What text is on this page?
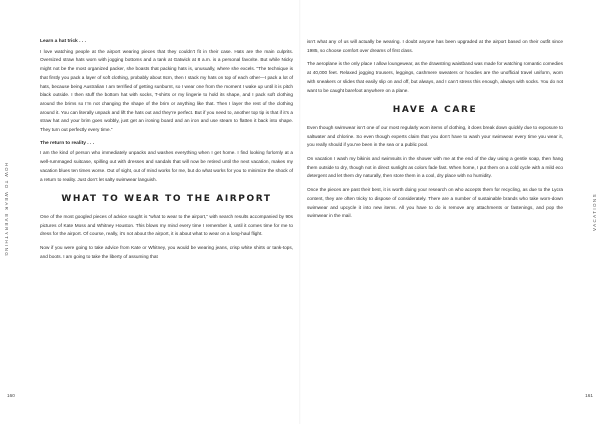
HOW TO WEAR EVERYTHING
Learn a hat trick . . .

I love watching people at the airport wearing pieces that they couldn’t fit in their case. Hats are the main culprits. Oversized straw hats worn with jogging bottoms and a tank at Gatwick at 8 a.m. is a personal favorite. But while Nicky might not be the most organized packer, she boasts that packing hats is, unusually, where she excels. “The technique is that firstly you pack a layer of soft clothing, probably about 8cm, then I stack my hats on top of each other—I pack a lot of hats, because being Australian I am terrified of getting sunburnt, so I wear one from the moment I wake up until it is pitch black outside. I then stuff the bottom hat with socks, T-shirts or my lingerie to hold its shape, and I pack soft clothing around the brims so I’m not changing the shape of the brim or anything like that. Then I layer the rest of the clothing around it. You can literally unpack and lift the hats out and they’re perfect. But if you need to, another top tip is that if it’s a straw hat and your brim goes wobbly, just get an ironing board and an iron and use steam to flatten it back into shape. They turn out perfectly every time.”

The return to reality . . .

I am the kind of person who immediately unpacks and washes everything when I get home. I find looking forlornly at a well-rummaged suitcase, spilling out with dresses and sandals that will now be retired until the next vacation, makes my vacation blues ten times worse. Out of sight, out of mind works for me, but do what works for you to minimize the shock of a return to reality. Just don’t let salty swimwear languish.

WHAT TO WEAR TO THE AIRPORT

One of the most googled pieces of advice sought is “what to wear to the airport,” with search results accompanied by 90s pictures of Kate Moss and Whitney Houston. This blows my mind every time I remember it, until it comes time for me to dress for the airport. Of course, really, it’s not about the airport, it is about what to wear on a long-haul flight.

Now if you were going to take advice from Kate or Whitney, you would be wearing jeans, crisp white shirts or tank-tops, and boots. I am going to take the liberty of assuming that

160

isn’t what any of us will actually be wearing. I doubt anyone has been upgraded at the airport based on their outfit since 1985, so choose comfort over dreams of first class.

The aeroplane is the only place I allow loungewear, as the drawstring waistband was made for watching romantic comedies at 40,000 feet. Relaxed jogging trousers, leggings, cashmere sweaters or hoodies are the unofficial travel uniform, worn with sneakers or slides that easily slip on and off, but always, and I can’t stress this enough, always with socks. You do not want to be caught barefoot anywhere on a plane.

HAVE A CARE

Even though swimwear isn’t one of our most regularly worn items of clothing, it does break down quickly due to exposure to saltwater and chlorine. So even though experts claim that you don’t have to wash your swimwear every time you wear it, you really should if you’ve been in the sea or a public pool.

On vacation I wash my bikinis and swimsuits in the shower with me at the end of the day using a gentle soap, then hang them outside to dry, though not in direct sunlight as colors fade fast. When home, I put them on a cold cycle with a mild eco detergent and let them dry naturally, then store them in a cool, dry place with no humidity.

Once the pieces are past their best, it is worth doing your research on who accepts them for recycling, as due to the Lycra content, they are often tricky to dispose of considerately. There are a number of sustainable brands who take worn-down swimwear and upcycle it into new items. All you have to do is remove any attachments or fastenings, and pop the swimwear in the mail.	VACATIONS
161
